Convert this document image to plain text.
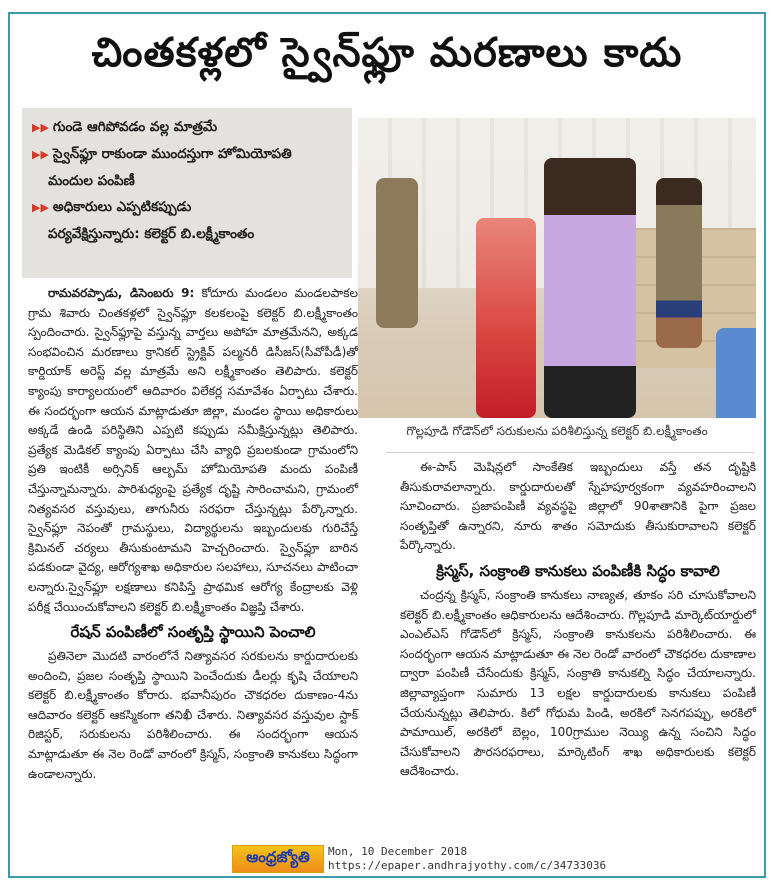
చింతకళ్లలో స్వైన్‌ఫ్లూ మరణాలు కాదు
▶▶ గుండె ఆగిపోవడం వల్ల మాత్రమే
▶▶ స్వైన్‌ఫ్లూ రాకుండా ముందస్తుగా హోమియోపతి
మందుల పంపిణీ
▶▶ అధికారులు ఎప్పటికప్పుడు
పర్యవేక్షిస్తున్నారు: కలెక్టర్ బి.లక్ష్మీకాంతం

రామవరప్పాడు, డిసెంబరు 9: కోదూరు మండలం మండలపాకల గ్రామ శివారు చింతకళ్లలో స్వైన్‌ఫ్లూ కలకలంపై కలెక్టర్ బి.లక్ష్మీకాంతం స్పందించారు. స్వైన్‌ఫ్లూపై వస్తున్న వార్తలు అపోహ మాత్రమేనని, అక్కడ సంభవించిన మరణాలు క్రానికల్ స్ట్రెక్టివ్ పల్మనరీ డిసీజస్(సీవోపీడీ)తో కార్డియాక్ అరెస్ట్ వల్ల మాత్రమే అని లక్ష్మీకాంతం తెలిపారు. కలెక్టర్ క్యాంపు కార్యాలయంలో ఆదివారం విలేకర్ల సమావేశం ఏర్పాటు చేశారు. ఈ సందర్భంగా ఆయన మాట్లాడుతూ జిల్లా, మండల స్థాయి అధికారులు అక్కడే ఉండి పరిస్థితిని ఎప్పటి కప్పుడు సమీక్షిస్తున్నట్లు తెలిపారు. ప్రత్యేక మెడికల్ క్యాంపు ఏర్పాటు చేసి వ్యాధి ప్రబలకుండా గ్రామంలోని ప్రతి ఇంటికీ అర్సినిక్ ఆల్బమ్ హోమియోపతి మందు పంపిణీ చేస్తున్నామన్నారు. పారిశుధ్యంపై ప్రత్యేక దృష్టి సారించామని, గ్రామంలో నిత్యవసర వస్తువులు, తాగునీరు సరఫరా చేస్తున్నట్లు పేర్కొన్నారు. స్వైన్‌ఫ్లూ నెపంతో గ్రామస్థులు, విద్యార్థులను ఇబ్బందులకు గురిచేస్తే క్రిమినల్ చర్యలు తీసుకుంటామని హెచ్చరించారు. స్వైన్‌ఫ్లూ బారిన పడకుండా వైద్య, ఆరోగ్యశాఖ అధికారుల సలహాలు, సూచనలు పాటించా లన్నారు.స్వైన్‌ఫ్లూ లక్షణాలు కనిపిస్తే ప్రాథమిక ఆరోగ్య కేంద్రాలకు వెళ్లి పరీక్ష చేయించుకోవాలని కలెక్టర్ బి.లక్ష్మీకాంతం విజ్ఞప్తి చేశారు.

రేషన్ పంపిణీలో సంతృప్తి స్థాయిని పెంచాలి

ప్రతినెలా మొదటి వారంలోనే నిత్యావసర సరకులను కార్డుదారులకు అందించి, ప్రజల సంతృప్తి స్థాయిని పెంచేందుకు డీలర్లు కృషి చేయాలని కలెక్టర్ బి.లక్ష్మీకాంతం కోరారు. భవానీపురం చౌకధరల దుకాణం-4ను ఆదివారం కలెక్టర్ ఆకస్మికంగా తనిఖీ చేశారు. నిత్యావసర వస్తువుల స్టాక్ రిజిస్టర్, సరుకులను పరిశీలించారు. ఈ సందర్భంగా ఆయన మాట్లాడుతూ ఈ నెల రెండో వారంలో క్రిస్మస్, సంక్రాంతి కానుకలు సిద్ధంగా ఉండాలన్నారు.

గొల్లపూడి గోడౌన్‌లో సరుకులను పరిశీలిస్తున్న కలెక్టర్ బి.లక్ష్మీకాంతం

ఈ-పాస్ మెషిన్లలో సాంకేతిక ఇబ్బందులు వస్తే తన దృష్టికి తీసుకురావలాన్నారు. కార్డుదారులతో స్నేహపూర్వకంగా వ్యవహరించాలని సూచించారు. ప్రజాపంపిణీ వ్యవస్థపై జిల్లాలో 90శాతానికి పైగా ప్రజల సంతృప్తితో ఉన్నారని, నూరు శాతం సమోదుకు తీసుకురావాలని కలెక్టర్ పేర్కొన్నారు.

క్రిస్మస్, సంక్రాంతి కానుకలు పంపిణీకి సిద్ధం కావాలి

చంద్రన్న క్రిస్మస్, సంక్రాంతి కానుకలు నాణ్యత, తూకం సరి చూసుకోవాలని కలెక్టర్ బి.లక్ష్మీకాంతం ఆధికారులను ఆదేశించారు. గొల్లపూడి మార్కెట్‌యార్డులో ఎంఎల్ఎస్ గోడౌన్‌లో క్రిస్మస్, సంక్రాంతి కానుకలను పరిశీలించారు. ఈ సందర్భంగా ఆయన మాట్లాడుతూ ఈ నెల రెండో వారంలో చౌకధరల దుకాణాల ద్వారా పంపిణీ చేసేందుకు క్రిస్మస్, సంక్రాతి కానుకల్ని సిద్ధం చేయాలన్నారు. జిల్లావ్యాప్తంగా సుమారు 13 లక్షల కార్డుదారులకు కానుకలు పంపిణీ చేయనున్నట్లు తెలిపారు. కిలో గోధుమ పిండి, అరకిలో సెనగపప్పు, అరకిలో పామాయిల్, అరకిలో బెల్లం, 100గ్రాముల నెయ్యి ఉన్న సంచిని సిద్ధం చేసుకోవాలని పౌరసరఫరాలు, మార్కెటింగ్ శాఖ అధికారులకు కలెక్టర్ ఆదేశించారు.

ఆంధ్రజ్యోతి	Mon, 10 December 2018
https://epaper.andhrajyothy.com/c/34733036
